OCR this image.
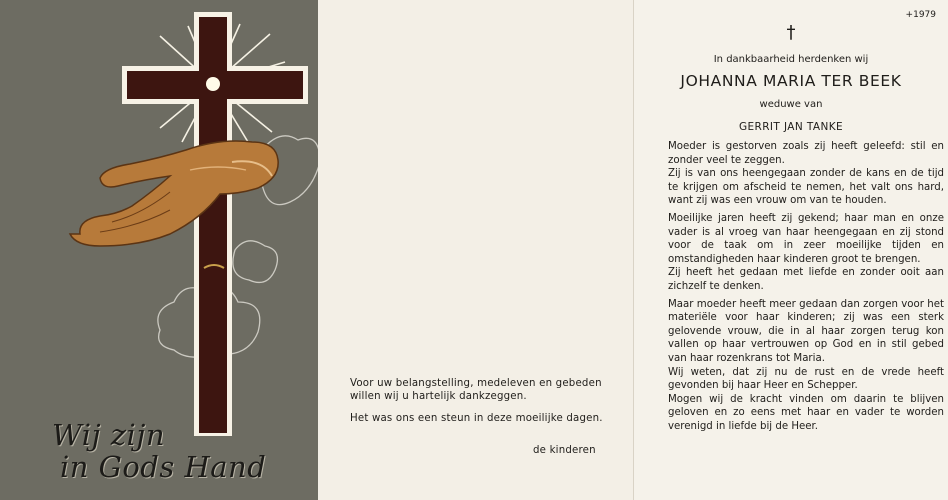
Wij zijn
in Gods Hand
Voor uw belangstelling, medeleven en gebeden willen wij u hartelijk dankzeggen.
Het was ons een steun in deze moeilijke dagen.
de kinderen
+1979
†
In dankbaarheid herdenken wij
JOHANNA MARIA TER BEEK
weduwe van
GERRIT JAN TANKE

Moeder is gestorven zoals zij heeft geleefd: stil en zonder veel te zeggen.

Zij is van ons heengegaan zonder de kans en de tijd te krijgen om afscheid te nemen, het valt ons hard, want zij was een vrouw om van te houden.

Moeilijke jaren heeft zij gekend; haar man en onze vader is al vroeg van haar heengegaan en zij stond voor de taak om in zeer moeilijke tijden en omstandigheden haar kinderen groot te brengen.

Zij heeft het gedaan met liefde en zonder ooit aan zichzelf te denken.

Maar moeder heeft meer gedaan dan zorgen voor het materiële voor haar kinderen; zij was een sterk gelovende vrouw, die in al haar zorgen terug kon vallen op haar vertrouwen op God en in stil gebed van haar rozenkrans tot Maria.

Wij weten, dat zij nu de rust en de vrede heeft gevonden bij haar Heer en Schepper.

Mogen wij de kracht vinden om daarin te blijven geloven en zo eens met haar en vader te worden verenigd in liefde bij de Heer.
